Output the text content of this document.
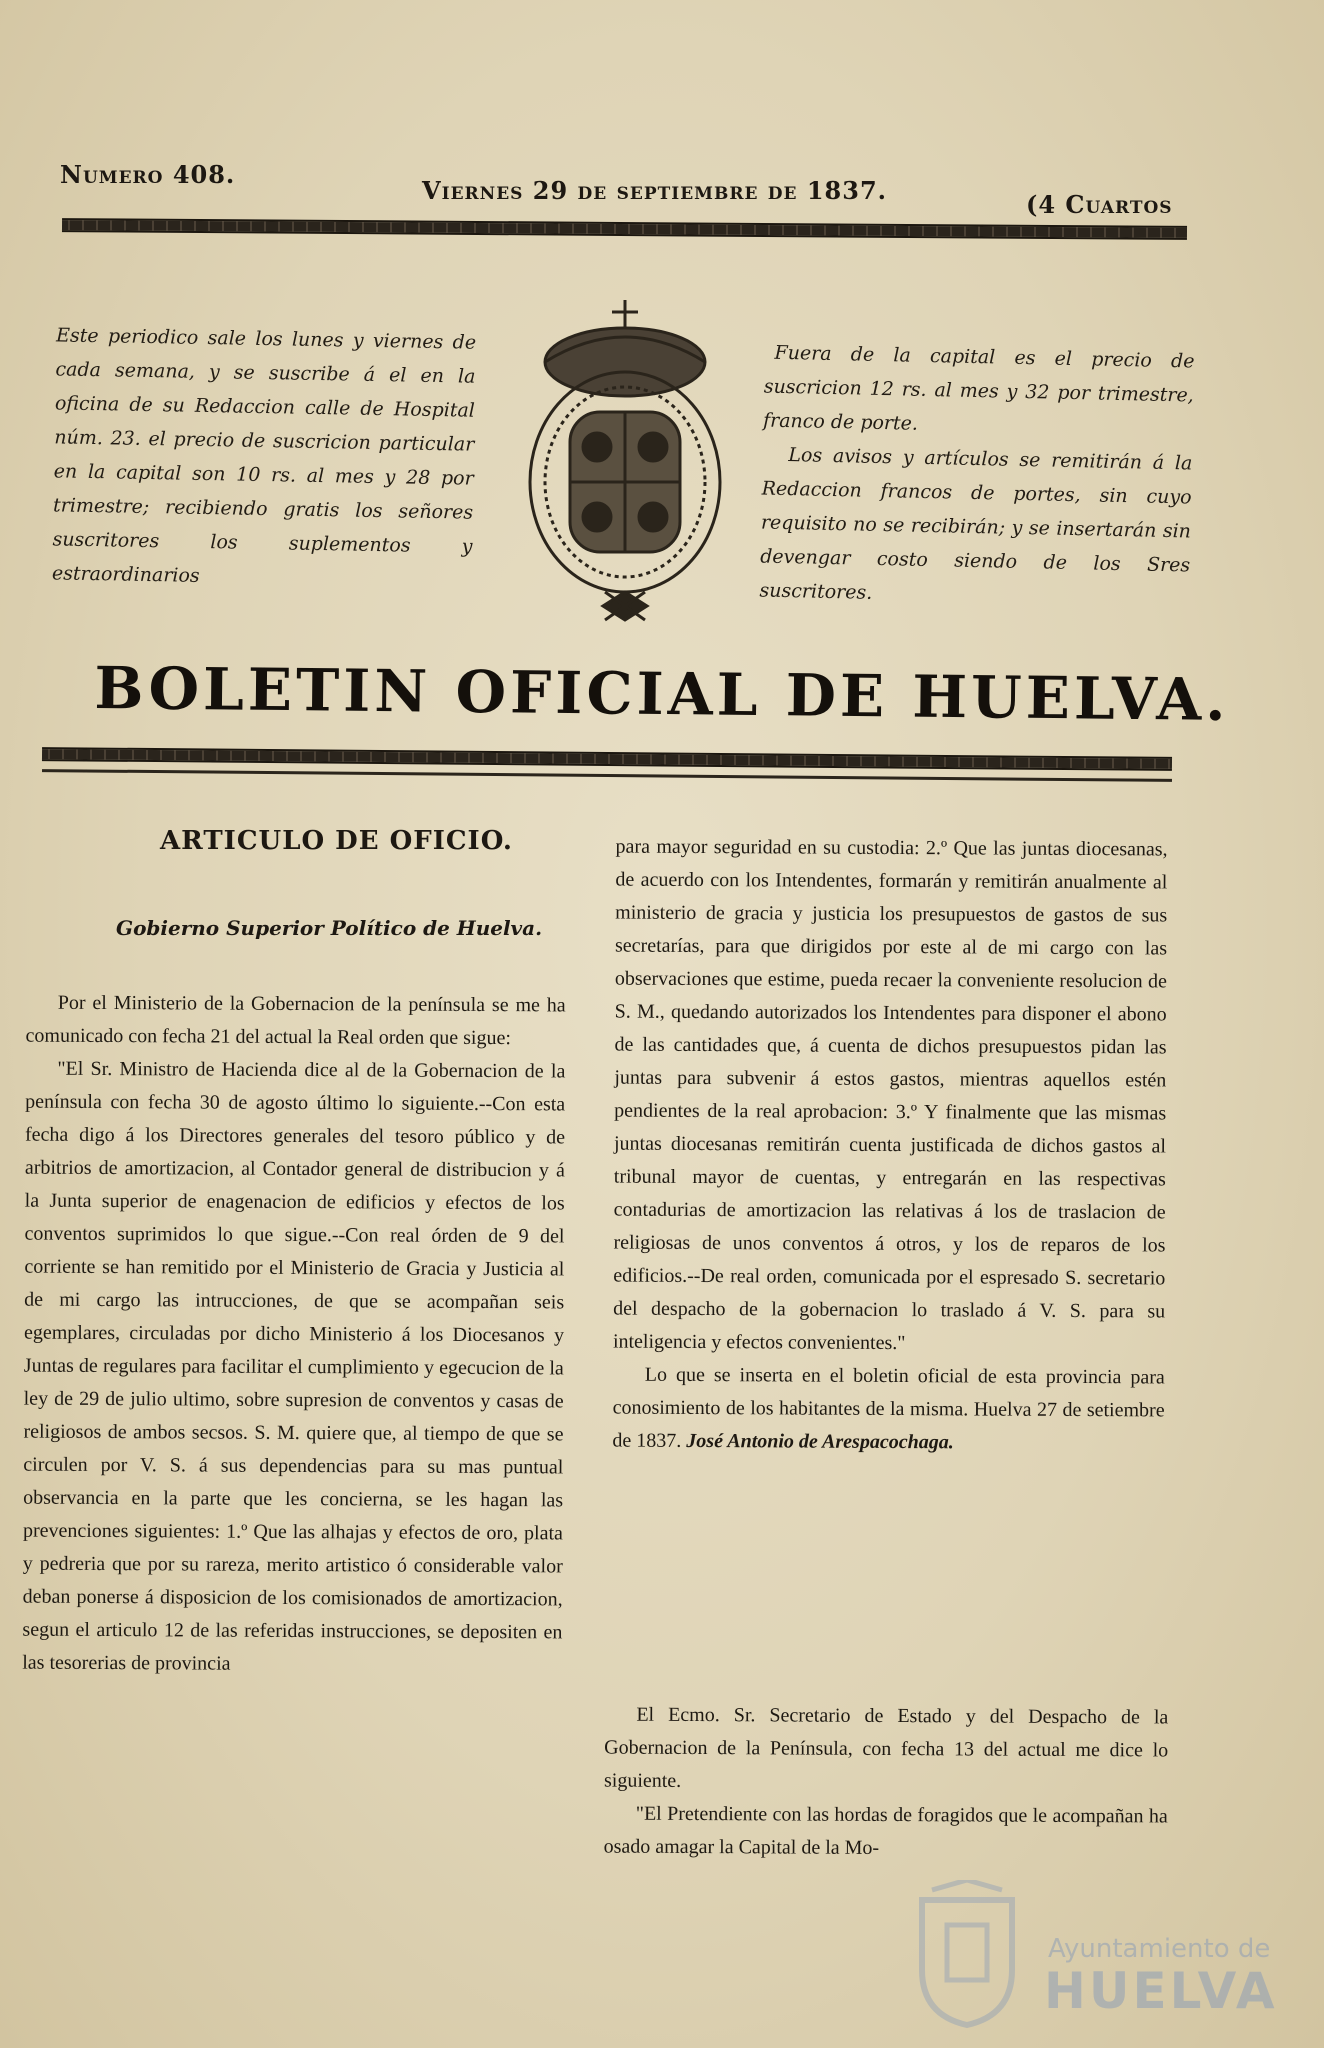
Numero 408.
Viernes 29 de septiembre de 1837.	(4 Cuartos
Este periodico sale los lunes y viernes de cada semana, y se suscribe á el en la oficina de su Redaccion calle de Hospital núm. 23. el precio de suscricion particular en la capital son 10 rs. al mes y 28 por trimestre; recibiendo gratis los señores suscritores los suplementos y estraordinarios
Fuera de la capital es el precio de suscricion 12 rs. al mes y 32 por trimestre, franco de porte.
Los avisos y artículos se remitirán á la Redaccion francos de portes, sin cuyo requisito no se recibirán; y se insertarán sin devengar costo siendo de los Sres suscritores.
BOLETIN OFICIAL DE HUELVA.
ARTICULO DE OFICIO.
Gobierno Superior Político de Huelva.

Por el Ministerio de la Gobernacion de la península se me ha comunicado con fecha 21 del actual la Real orden que sigue:

"El Sr. Ministro de Hacienda dice al de la Gobernacion de la península con fecha 30 de agosto último lo siguiente.--Con esta fecha digo á los Directores generales del tesoro público y de arbitrios de amortizacion, al Contador general de distribucion y á la Junta superior de enagenacion de edificios y efectos de los conventos suprimidos lo que sigue.--Con real órden de 9 del corriente se han remitido por el Ministerio de Gracia y Justicia al de mi cargo las intrucciones, de que se acompañan seis egemplares, circuladas por dicho Ministerio á los Diocesanos y Juntas de regulares para facilitar el cumplimiento y egecucion de la ley de 29 de julio ultimo, sobre supresion de conventos y casas de religiosos de ambos secsos. S. M. quiere que, al tiempo de que se circulen por V. S. á sus dependencias para su mas puntual observancia en la parte que les concierna, se les hagan las prevenciones siguientes: 1.º Que las alhajas y efectos de oro, plata y pedreria que por su rareza, merito artistico ó considerable valor deban ponerse á disposicion de los comisionados de amortizacion, segun el articulo 12 de las referidas instrucciones, se depositen en las tesorerias de provincia

para mayor seguridad en su custodia: 2.º Que las juntas diocesanas, de acuerdo con los Intendentes, formarán y remitirán anualmente al ministerio de gracia y justicia los presupuestos de gastos de sus secretarías, para que dirigidos por este al de mi cargo con las observaciones que estime, pueda recaer la conveniente resolucion de S. M., quedando autorizados los Intendentes para disponer el abono de las cantidades que, á cuenta de dichos presupuestos pidan las juntas para subvenir á estos gastos, mientras aquellos estén pendientes de la real aprobacion: 3.º Y finalmente que las mismas juntas diocesanas remitirán cuenta justificada de dichos gastos al tribunal mayor de cuentas, y entregarán en las respectivas contadurias de amortizacion las relativas á los de traslacion de religiosas de unos conventos á otros, y los de reparos de los edificios.--De real orden, comunicada por el espresado S. secretario del despacho de la gobernacion lo traslado á V. S. para su inteligencia y efectos convenientes."

Lo que se inserta en el boletin oficial de esta provincia para conosimiento de los habitantes de la misma. Huelva 27 de setiembre de 1837. José Antonio de Arespacochaga.

El Ecmo. Sr. Secretario de Estado y del Despacho de la Gobernacion de la Península, con fecha 13 del actual me dice lo siguiente.

"El Pretendiente con las hordas de foragidos que le acompañan ha osado amagar la Capital de la Mo-

Ayuntamiento de
HUELVA
